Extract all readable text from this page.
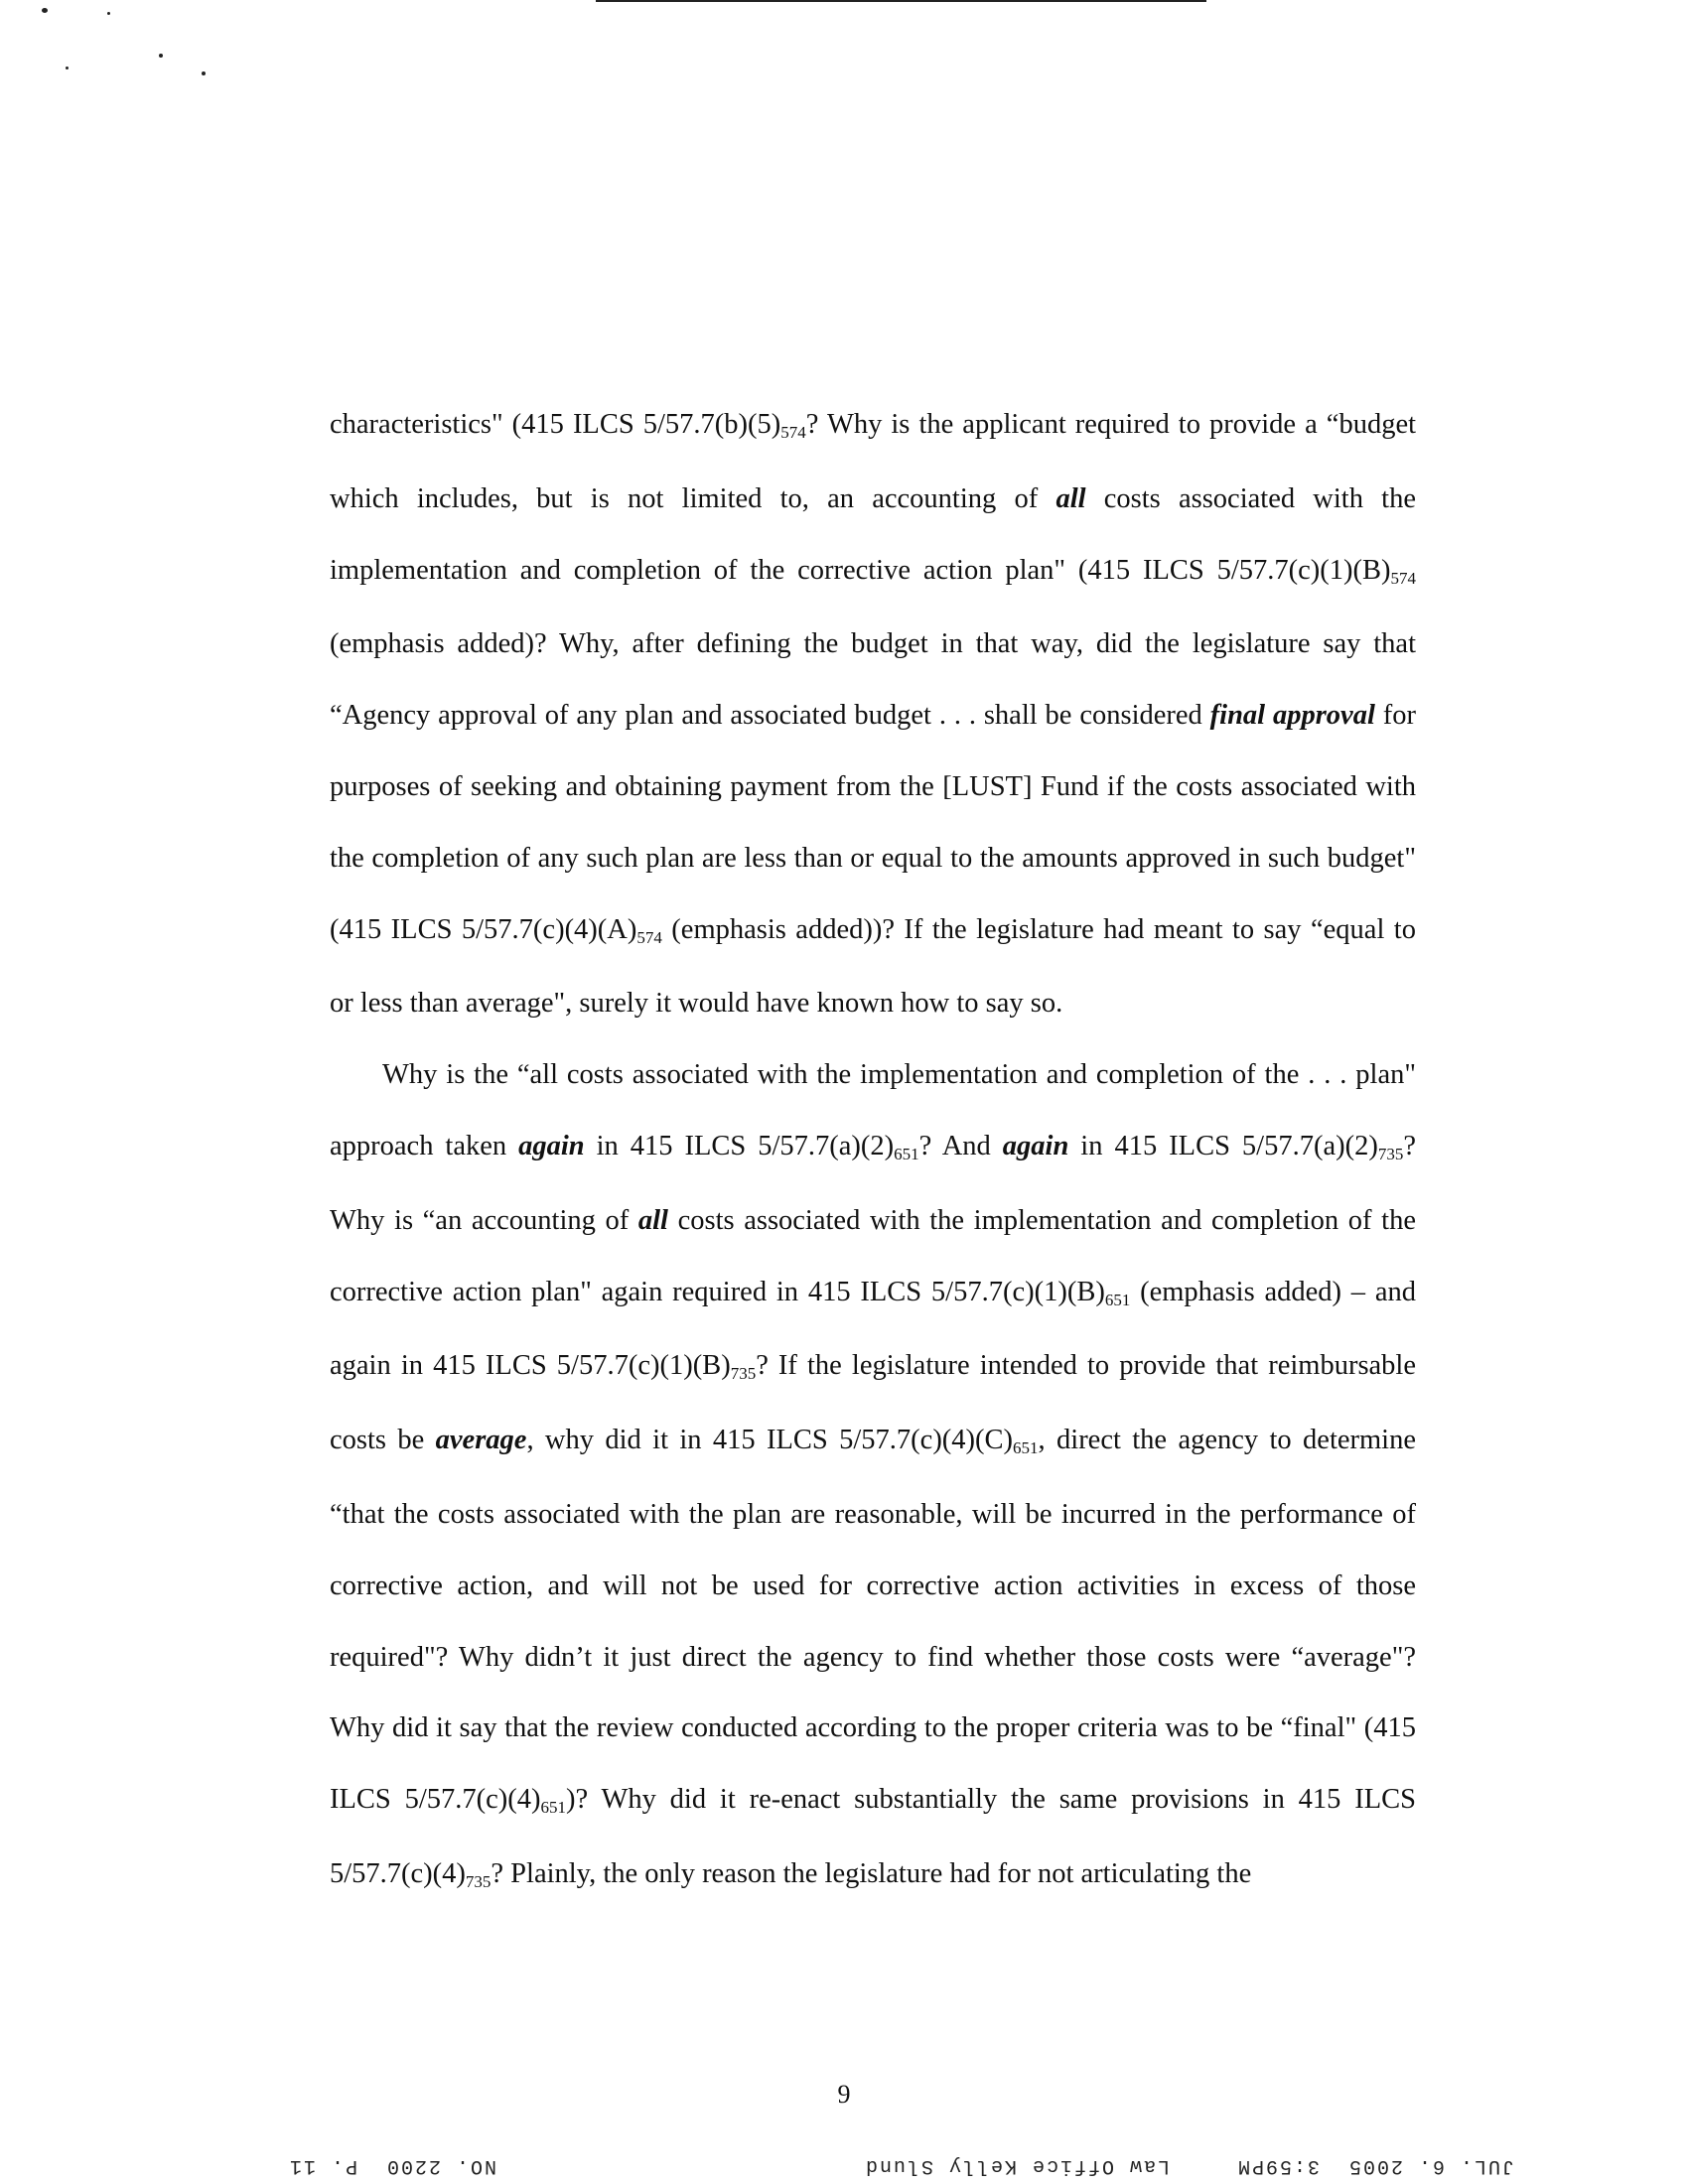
characteristics" (415 ILCS $5/57.7(b)(5)_{574}$? Why is the applicant required to provide a “budget which includes, but is not limited to, an accounting of all costs associated with the implementation and completion of the corrective action plan" (415 ILCS $5/57.7(c)(1)(B)_{574}$ (emphasis added)? Why, after defining the budget in that way, did the legislature say that “Agency approval of any plan and associated budget . . . shall be considered final approval for purposes of seeking and obtaining payment from the [LUST] Fund if the costs associated with the completion of any such plan are less than or equal to the amounts approved in such budget" (415 ILCS $5/57.7(c)(4)(A)_{574}$ (emphasis added))? If the legislature had meant to say “equal to or less than average", surely it would have known how to say so.

Why is the “all costs associated with the implementation and completion of the . . . plan" approach taken again in 415 ILCS $5/57.7(a)(2)_{651}$? And again in 415 ILCS $5/57.7(a)(2)_{735}$? Why is “an accounting of all costs associated with the implementation and completion of the corrective action plan" again required in 415 ILCS $5/57.7(c)(1)(B)_{651}$ (emphasis added) – and again in 415 ILCS $5/57.7(c)(1)(B)_{735}$? If the legislature intended to provide that reimbursable costs be average, why did it in 415 ILCS $5/57.7(c)(4)(C)_{651}$, direct the agency to determine “that the costs associated with the plan are reasonable, will be incurred in the performance of corrective action, and will not be used for corrective action activities in excess of those required"? Why didn’t it just direct the agency to find whether those costs were “average"? Why did it say that the review conducted according to the proper criteria was to be “final" (415 ILCS $5/57.7(c)(4)_{651}$)? Why did it re-enact substantially the same provisions in 415 ILCS $5/57.7(c)(4)_{735}$? Plainly, the only reason the legislature had for not articulating the

9
NO. 2200  P. 11	Law Office Kelly Slund	JUL. 6. 2005  3:59PM
